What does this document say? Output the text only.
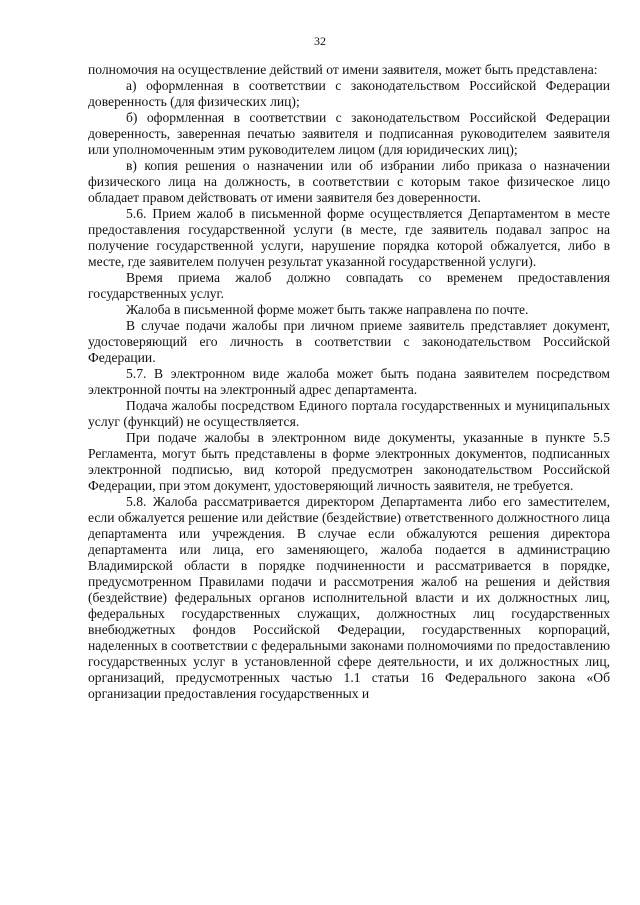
32

полномочия на осуществление действий от имени заявителя, может быть представлена:

а) оформленная в соответствии с законодательством Российской Федерации доверенность (для физических лиц);

б) оформленная в соответствии с законодательством Российской Федерации доверенность, заверенная печатью заявителя и подписанная руководителем заявителя или уполномоченным этим руководителем лицом (для юридических лиц);

в) копия решения о назначении или об избрании либо приказа о назначении физического лица на должность, в соответствии с которым такое физическое лицо обладает правом действовать от имени заявителя без доверенности.

5.6. Прием жалоб в письменной форме осуществляется Департаментом в месте предоставления государственной услуги (в месте, где заявитель подавал запрос на получение государственной услуги, нарушение порядка которой обжалуется, либо в месте, где заявителем получен результат указанной государственной услуги).

Время приема жалоб должно совпадать со временем предоставления государственных услуг.

Жалоба в письменной форме может быть также направлена по почте.

В случае подачи жалобы при личном приеме заявитель представляет документ, удостоверяющий его личность в соответствии с законодательством Российской Федерации.

5.7. В электронном виде жалоба может быть подана заявителем посредством электронной почты на электронный адрес департамента.

Подача жалобы посредством Единого портала государственных и муниципальных услуг (функций) не осуществляется.

При подаче жалобы в электронном виде документы, указанные в пункте 5.5 Регламента, могут быть представлены в форме электронных документов, подписанных электронной подписью, вид которой предусмотрен законодательством Российской Федерации, при этом документ, удостоверяющий личность заявителя, не требуется.

5.8. Жалоба рассматривается директором Департамента либо его заместителем, если обжалуется решение или действие (бездействие) ответственного должностного лица департамента или учреждения. В случае если обжалуются решения директора департамента или лица, его заменяющего, жалоба подается в администрацию Владимирской области в порядке подчиненности и рассматривается в порядке, предусмотренном Правилами подачи и рассмотрения жалоб на решения и действия (бездействие) федеральных органов исполнительной власти и их должностных лиц, федеральных государственных служащих, должностных лиц государственных внебюджетных фондов Российской Федерации, государственных корпораций, наделенных в соответствии с федеральными законами полномочиями по предоставлению государственных услуг в установленной сфере деятельности, и их должностных лиц, организаций, предусмотренных частью 1.1 статьи 16 Федерального закона «Об организации предоставления государственных и
